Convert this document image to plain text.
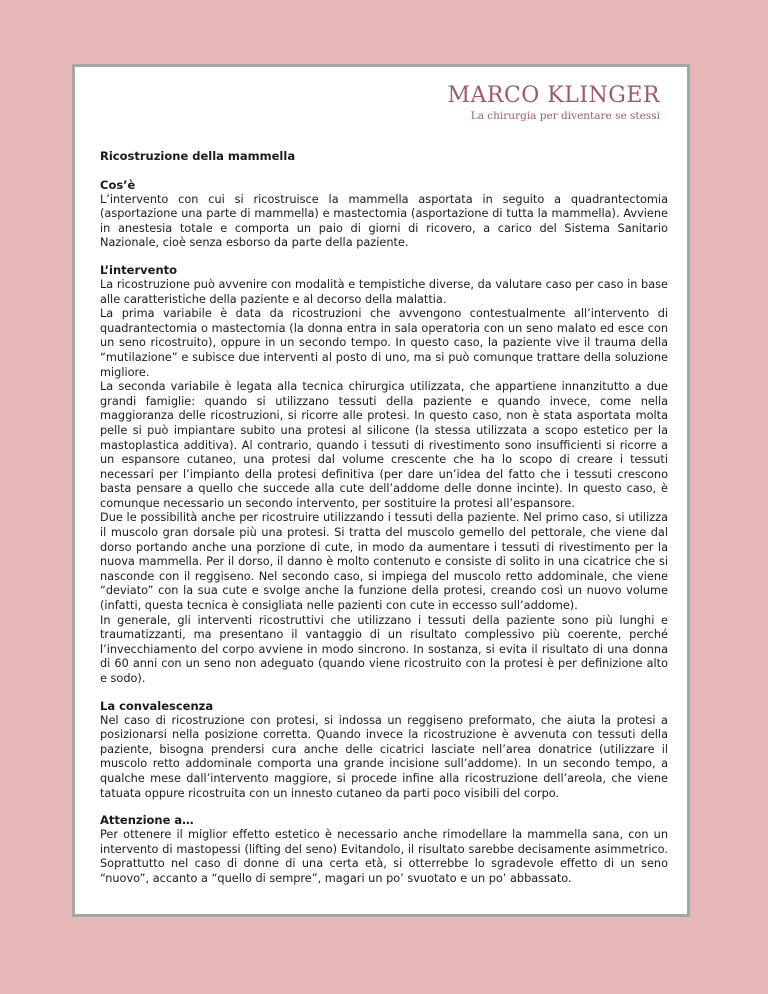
MARCO KLINGER
La chirurgia per diventare se stessi
Ricostruzione della mammella
Cos’è

L’intervento con cui si ricostruisce la mammella asportata in seguito a quadrantectomia (asportazione una parte di mammella) e mastectomia (asportazione di tutta la mammella). Avviene in anestesia totale e comporta un paio di giorni di ricovero, a carico del Sistema Sanitario Nazionale, cioè senza esborso da parte della paziente.

L’intervento

La ricostruzione può avvenire con modalità e tempistiche diverse, da valutare caso per caso in base alle caratteristiche della paziente e al decorso della malattia.

La prima variabile è data da ricostruzioni che avvengono contestualmente all’intervento di quadrantectomia o mastectomia (la donna entra in sala operatoria con un seno malato ed esce con un seno ricostruito), oppure in un secondo tempo. In questo caso, la paziente vive il trauma della “mutilazione” e subisce due interventi al posto di uno, ma si può comunque trattare della soluzione migliore.

La seconda variabile è legata alla tecnica chirurgica utilizzata, che appartiene innanzitutto a due grandi famiglie: quando si utilizzano tessuti della paziente e quando invece, come nella maggioranza delle ricostruzioni, si ricorre alle protesi. In questo caso, non è stata asportata molta pelle si può impiantare subito una protesi al silicone (la stessa utilizzata a scopo estetico per la mastoplastica additiva). Al contrario, quando i tessuti di rivestimento sono insufficienti si ricorre a un espansore cutaneo, una protesi dal volume crescente che ha lo scopo di creare i tessuti necessari per l’impianto della protesi definitiva (per dare un’idea del fatto che i tessuti crescono basta pensare a quello che succede alla cute dell’addome delle donne incinte). In questo caso, è comunque necessario un secondo intervento, per sostituire la protesi all’espansore.

Due le possibilità anche per ricostruire utilizzando i tessuti della paziente. Nel primo caso, si utilizza il muscolo gran dorsale più una protesi. Si tratta del muscolo gemello del pettorale, che viene dal dorso portando anche una porzione di cute, in modo da aumentare i tessuti di rivestimento per la nuova mammella. Per il dorso, il danno è molto contenuto e consiste di solito in una cicatrice che si nasconde con il reggiseno. Nel secondo caso, si impiega del muscolo retto addominale, che viene “deviato” con la sua cute e svolge anche la funzione della protesi, creando così un nuovo volume (infatti, questa tecnica è consigliata nelle pazienti con cute in eccesso sull’addome).

In generale, gli interventi ricostruttivi che utilizzano i tessuti della paziente sono più lunghi e traumatizzanti, ma presentano il vantaggio di un risultato complessivo più coerente, perché l’invecchiamento del corpo avviene in modo sincrono. In sostanza, si evita il risultato di una donna di 60 anni con un seno non adeguato (quando viene ricostruito con la protesi è per definizione alto e sodo).

La convalescenza

Nel caso di ricostruzione con protesi, si indossa un reggiseno preformato, che aiuta la protesi a posizionarsi nella posizione corretta. Quando invece la ricostruzione è avvenuta con tessuti della paziente, bisogna prendersi cura anche delle cicatrici lasciate nell’area donatrice (utilizzare il muscolo retto addominale comporta una grande incisione sull’addome). In un secondo tempo, a qualche mese dall’intervento maggiore, si procede infine alla ricostruzione dell’areola, che viene tatuata oppure ricostruita con un innesto cutaneo da parti poco visibili del corpo.

Attenzione a…

Per ottenere il miglior effetto estetico è necessario anche rimodellare la mammella sana, con un intervento di mastopessi (lifting del seno) Evitandolo, il risultato sarebbe decisamente asimmetrico. Soprattutto nel caso di donne di una certa età, si otterrebbe lo sgradevole effetto di un seno “nuovo”, accanto a “quello di sempre”, magari un po’ svuotato e un po’ abbassato.
